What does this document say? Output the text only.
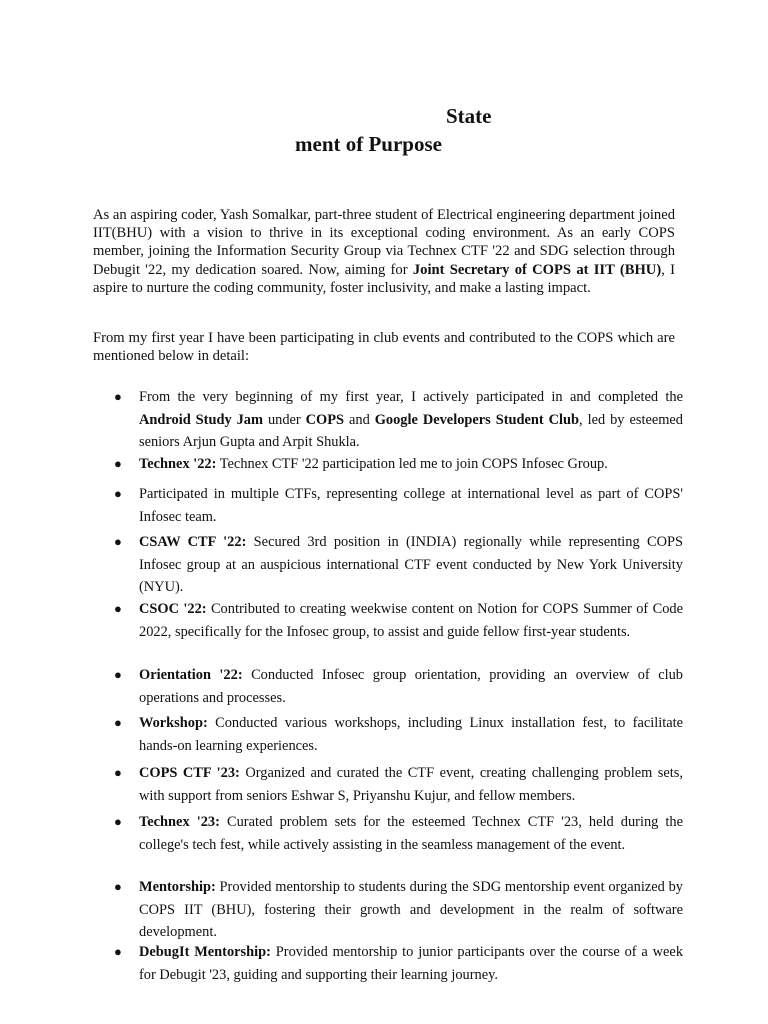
State
ment of Purpose

As an aspiring coder, Yash Somalkar, part-three student of Electrical engineering department joined IIT(BHU) with a vision to thrive in its exceptional coding environment. As an early COPS member, joining the Information Security Group via Technex CTF '22 and SDG selection through Debugit '22, my dedication soared. Now, aiming for Joint Secretary of COPS at IIT (BHU), I aspire to nurture the coding community, foster inclusivity, and make a lasting impact.

From my first year I have been participating in club events and contributed to the COPS which are mentioned below in detail:

● From the very beginning of my first year, I actively participated in and completed the Android Study Jam under COPS and Google Developers Student Club, led by esteemed seniors Arjun Gupta and Arpit Shukla.
● Technex '22: Technex CTF '22 participation led me to join COPS Infosec Group.
● Participated in multiple CTFs, representing college at international level as part of COPS' Infosec team.
● CSAW CTF '22: Secured 3rd position in (INDIA) regionally while representing COPS Infosec group at an auspicious international CTF event conducted by New York University (NYU).
● CSOC '22: Contributed to creating weekwise content on Notion for COPS Summer of Code 2022, specifically for the Infosec group, to assist and guide fellow first-year students.
● Orientation '22: Conducted Infosec group orientation, providing an overview of club operations and processes.
● Workshop: Conducted various workshops, including Linux installation fest, to facilitate hands-on learning experiences.
● COPS CTF '23: Organized and curated the CTF event, creating challenging problem sets, with support from seniors Eshwar S, Priyanshu Kujur, and fellow members.
● Technex '23: Curated problem sets for the esteemed Technex CTF '23, held during the college's tech fest, while actively assisting in the seamless management of the event.
● Mentorship: Provided mentorship to students during the SDG mentorship event organized by COPS IIT (BHU), fostering their growth and development in the realm of software development.
● DebugIt Mentorship: Provided mentorship to junior participants over the course of a week for Debugit '23, guiding and supporting their learning journey.
